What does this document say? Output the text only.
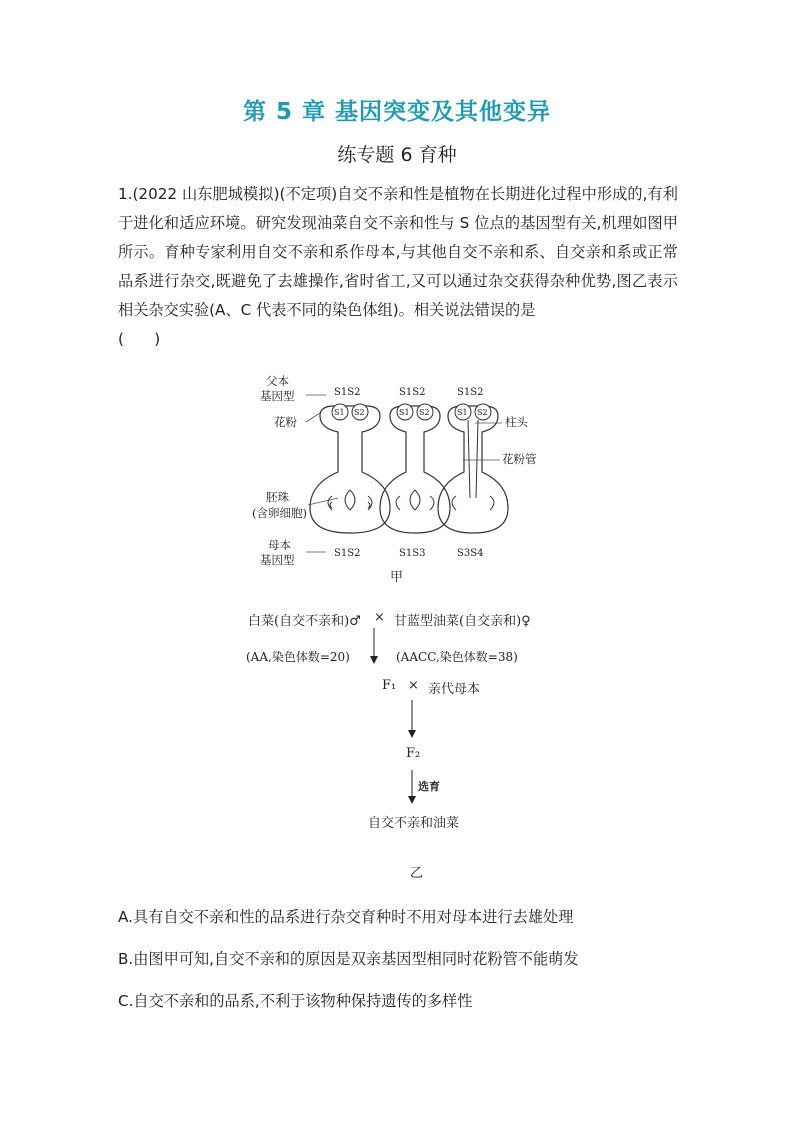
第 5 章 基因突变及其他变异
练专题 6 育种
1.(2022 山东肥城模拟)(不定项)自交不亲和性是植物在长期进化过程中形成的,有利于进化和适应环境。研究发现油菜自交不亲和性与 S 位点的基因型有关,机理如图甲所示。育种专家利用自交不亲和系作母本,与其他自交不亲和系、自交亲和系或正常品系进行杂交,既避免了去雄操作,省时省工,又可以通过杂交获得杂种优势,图乙表示相关杂交实验(A、C 代表不同的染色体组)。相关说法错误的是
(　　)
父本
基因型
花粉
胚珠
(含卵细胞)
母本
基因型
柱头
花粉管
S1S2	S1S2	S1S2
S1 S2	S1 S2	S1 S2
S1S2	S1S3	S3S4
甲
白菜(自交不亲和)♂ × 甘蓝型油菜(自交亲和)♀
(AA,染色体数=20)	(AACC,染色体数=38)
F₁ × 亲代母本
F₂
选育
自交不亲和油菜
乙
A.具有自交不亲和性的品系进行杂交育种时不用对母本进行去雄处理
B.由图甲可知,自交不亲和的原因是双亲基因型相同时花粉管不能萌发
C.自交不亲和的品系,不利于该物种保持遗传的多样性
